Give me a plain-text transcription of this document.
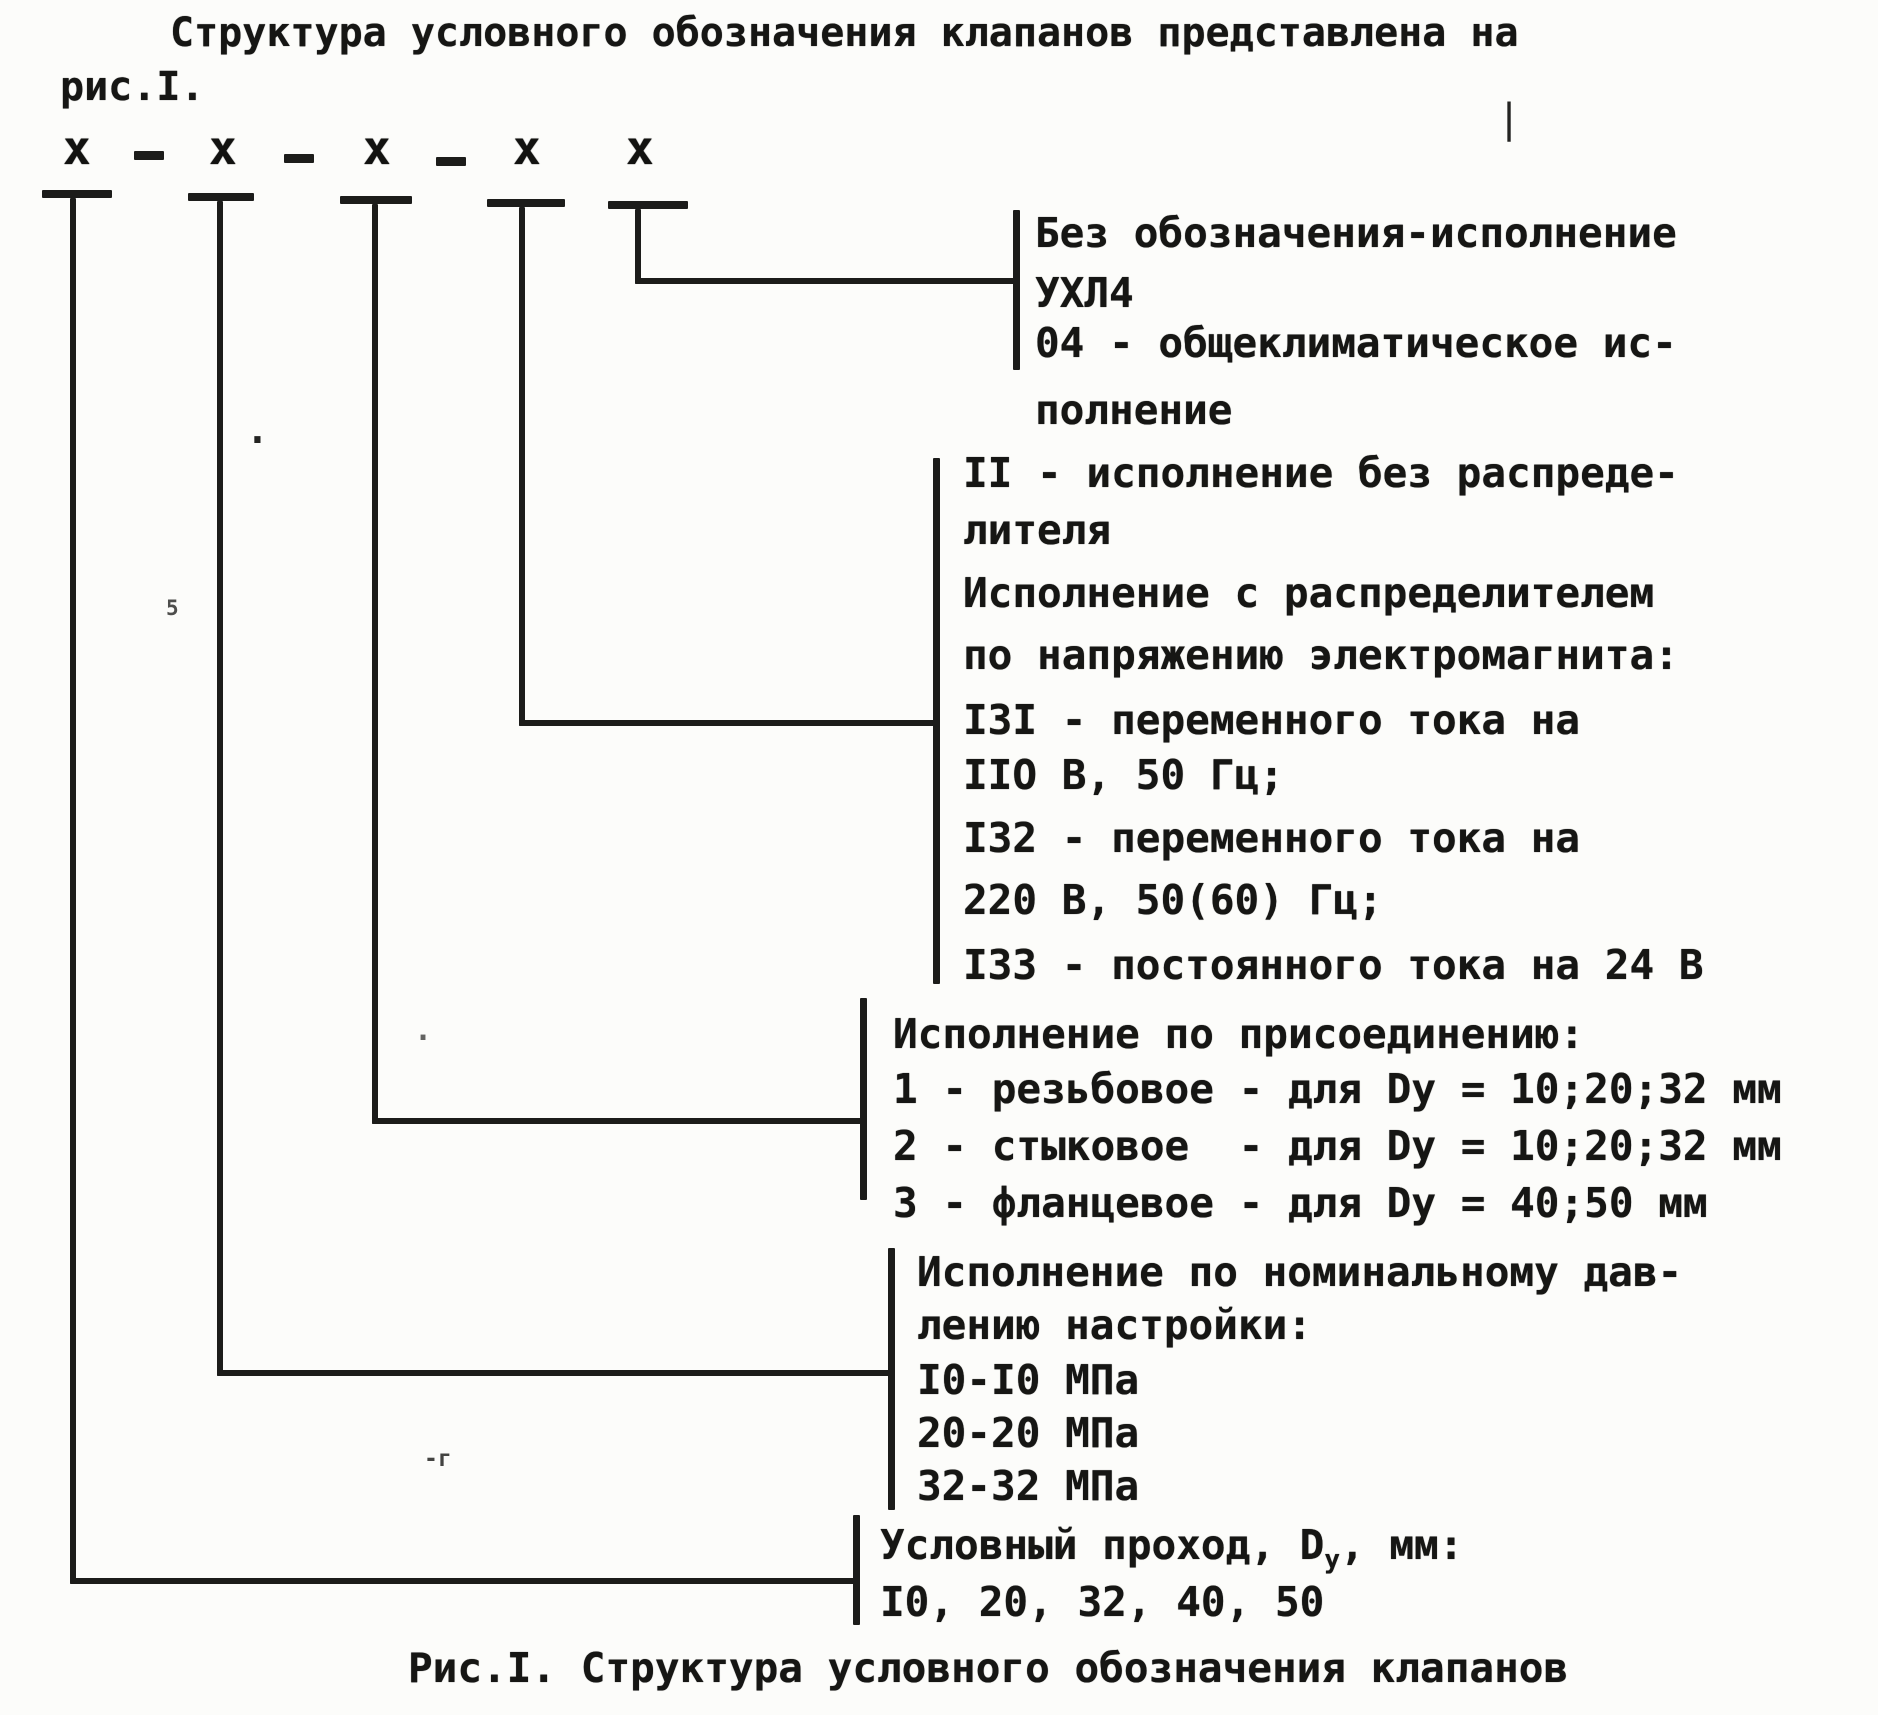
Структура условного обозначения клапанов представлена на
рис.I.
х	х	х	х х
Без обозначения-исполнение
УХЛ4
04 - общеклиматическое ис-
полнение
II - исполнение без распреде-
лителя
Исполнение с распределителем
по напряжению электромагнита:
I3I - переменного тока на
IIO В, 50 Гц;
I32 - переменного тока на
220 В, 50(60) Гц;
I33 - постоянного тока на 24 В
Исполнение по присоединению:
1 - резьбовое - для Dy = 10;20;32 мм
2 - стыковое  - для Dy = 10;20;32 мм
3 - фланцевое - для Dy = 40;50 мм
Исполнение по номинальному дав-
лению настройки:
I0-I0 МПа
20-20 МПа
32-32 МПа
Условный проход, $D_у$, мм:
I0, 20, 32, 40, 50
Рис.I. Структура условного обозначения клапанов
|
.
5
-г
.
